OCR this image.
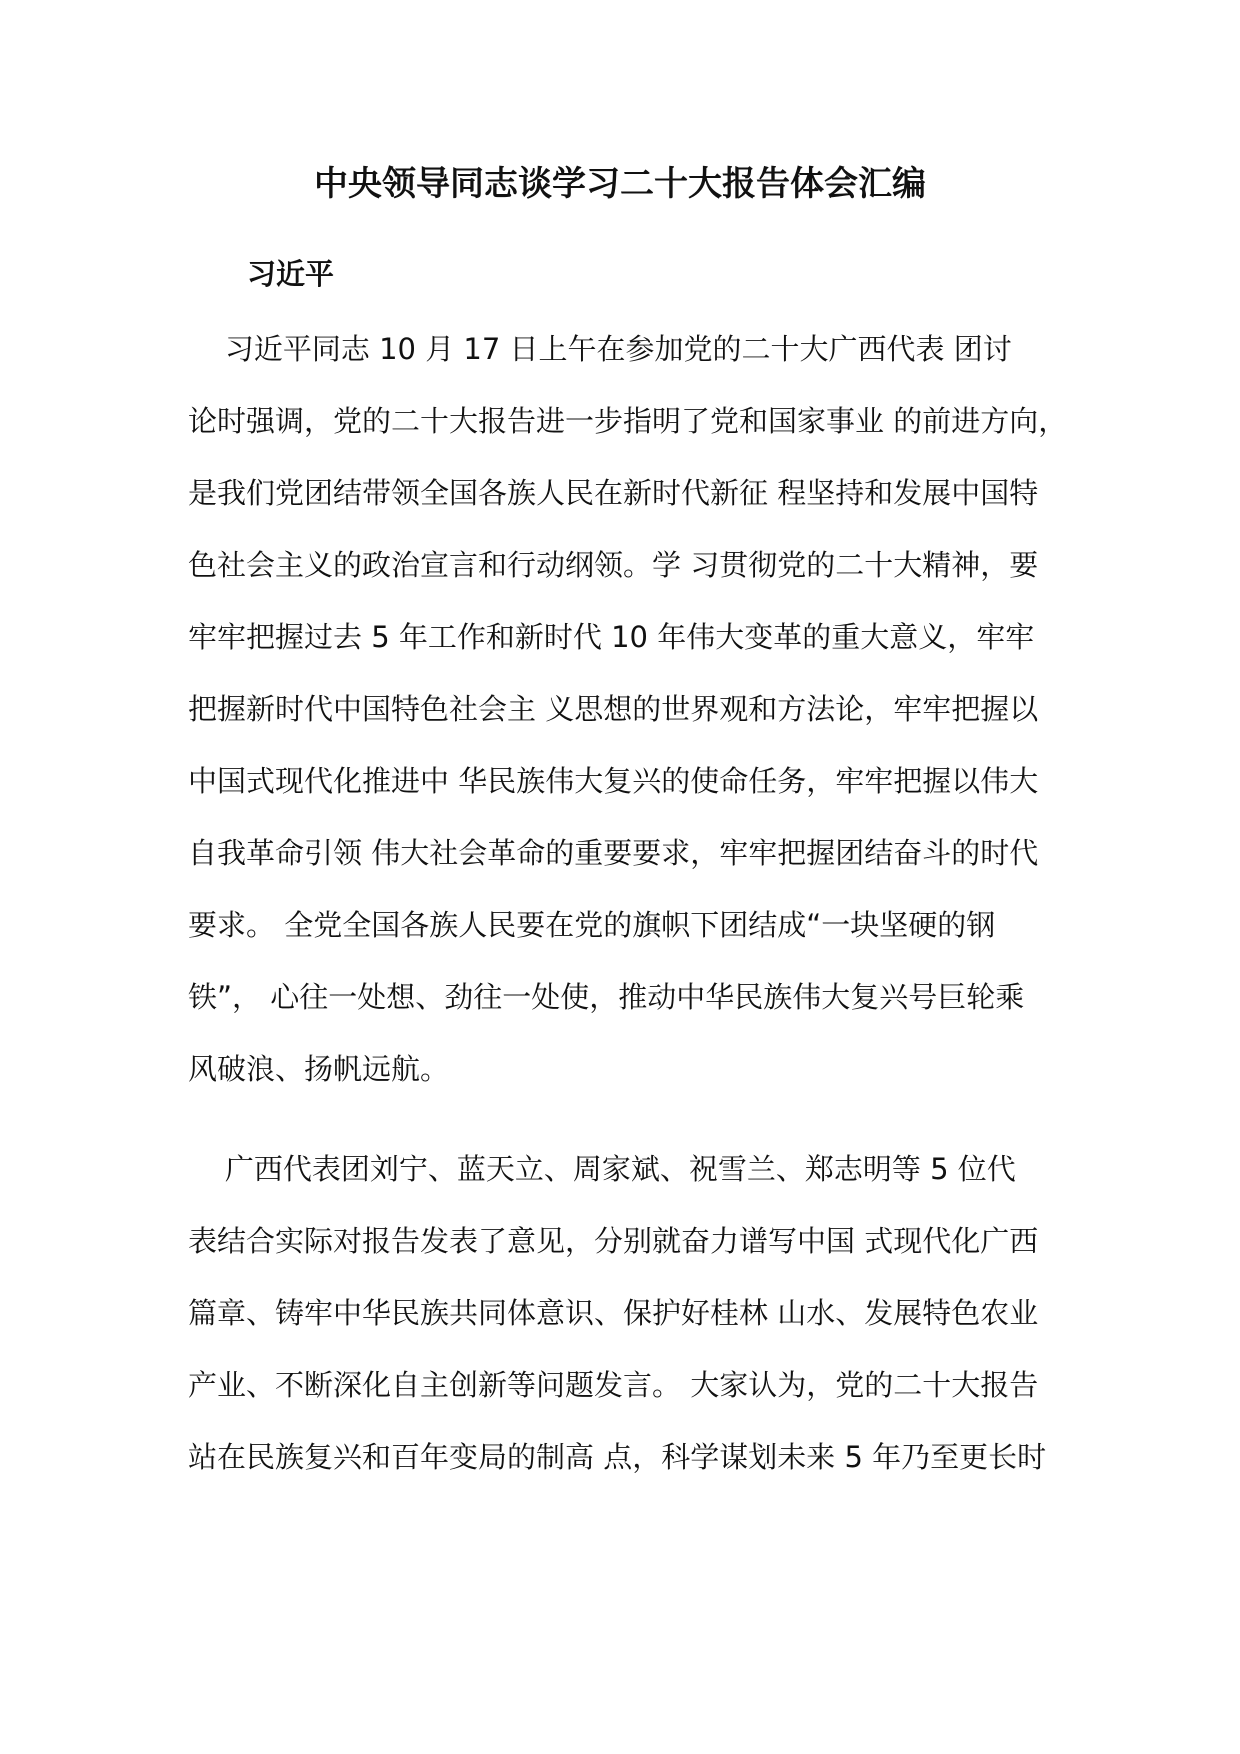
中央领导同志谈学习二十大报告体会汇编
习近平
习近平同志 10 月 17 日上午在参加党的二十大广西代表 团讨
论时强调，党的二十大报告进一步指明了党和国家事业 的前进方向，
是我们党团结带领全国各族人民在新时代新征 程坚持和发展中国特
色社会主义的政治宣言和行动纲领。学 习贯彻党的二十大精神，要
牢牢把握过去 5 年工作和新时代 10 年伟大变革的重大意义，牢牢
把握新时代中国特色社会主 义思想的世界观和方法论，牢牢把握以
中国式现代化推进中 华民族伟大复兴的使命任务，牢牢把握以伟大
自我革命引领 伟大社会革命的重要要求，牢牢把握团结奋斗的时代
要求。 全党全国各族人民要在党的旗帜下团结成“一块坚硬的钢
铁”， 心往一处想、劲往一处使，推动中华民族伟大复兴号巨轮乘
风破浪、扬帆远航。
广西代表团刘宁、蓝天立、周家斌、祝雪兰、郑志明等 5 位代
表结合实际对报告发表了意见，分别就奋力谱写中国 式现代化广西
篇章、铸牢中华民族共同体意识、保护好桂林 山水、发展特色农业
产业、不断深化自主创新等问题发言。 大家认为，党的二十大报告
站在民族复兴和百年变局的制高 点，科学谋划未来 5 年乃至更长时
